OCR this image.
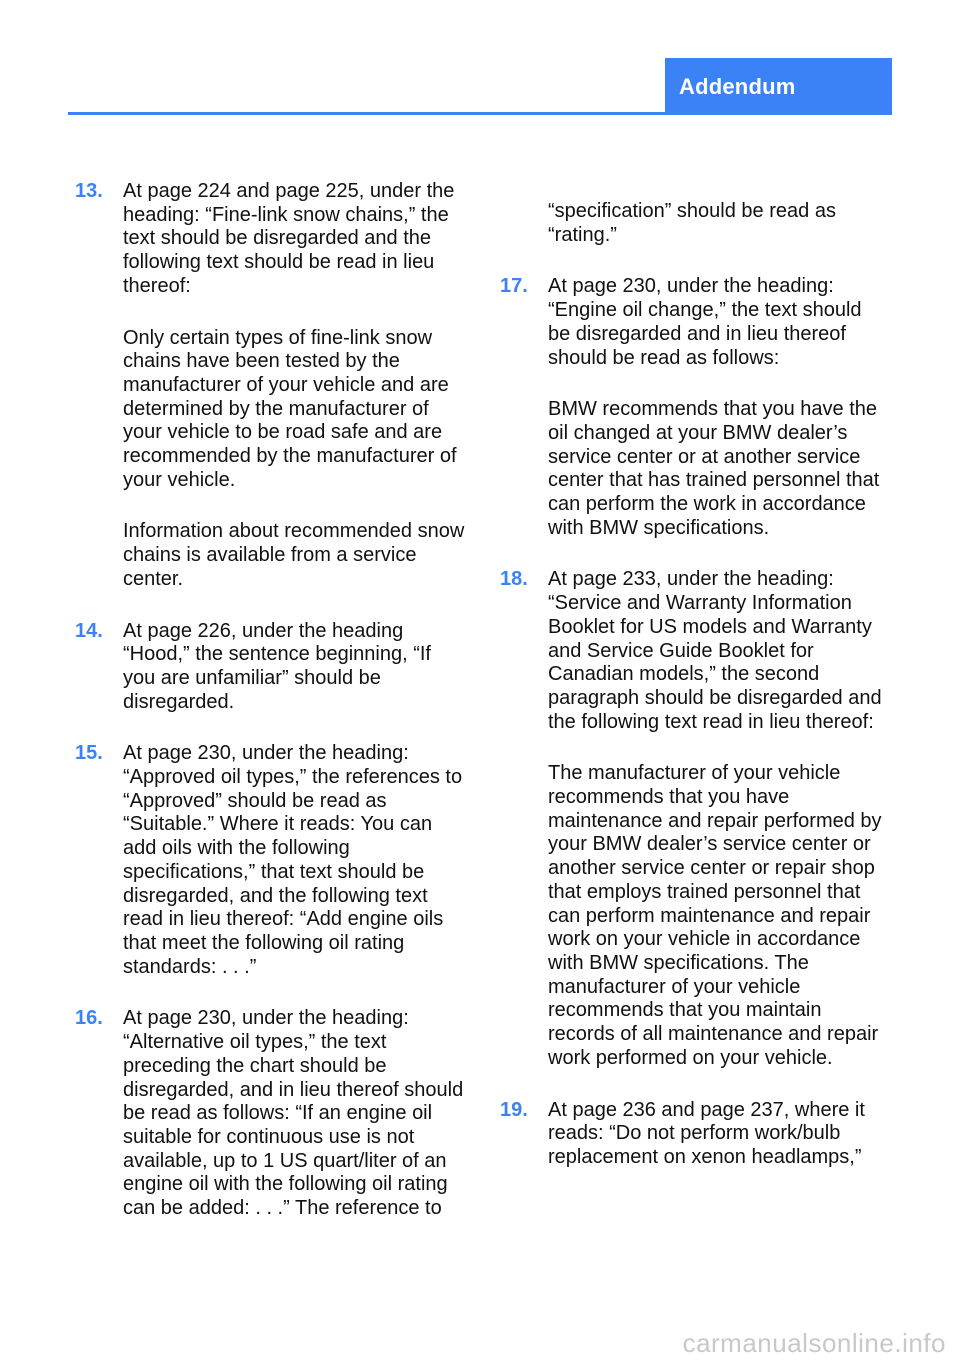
Addendum
13. At page 224 and page 225, under the heading: “Fine-link snow chains,” the text should be disregarded and the following text should be read in lieu thereof:

Only certain types of fine-link snow chains have been tested by the manufacturer of your vehicle and are determined by the manufacturer of your vehicle to be road safe and are recommended by the manufacturer of your vehicle.

Information about recommended snow chains is available from a service center.

14. At page 226, under the heading “Hood,” the sentence beginning, “If you are unfamiliar” should be disregarded.

15. At page 230, under the heading: “Approved oil types,” the references to “Approved” should be read as “Suitable.” Where it reads: You can add oils with the following specifications,” that text should be disregarded, and the following text read in lieu thereof: “Add engine oils that meet the following oil rating standards: . . .”

16. At page 230, under the heading: “Alternative oil types,” the text preceding the chart should be disregarded, and in lieu thereof should be read as follows: “If an engine oil suitable for continuous use is not available, up to 1 US quart/liter of an engine oil with the following oil rating can be added: . . .” The reference to

“specification” should be read as “rating.”

17. At page 230, under the heading: “Engine oil change,” the text should be disregarded and in lieu thereof should be read as follows:

BMW recommends that you have the oil changed at your BMW dealer’s service center or at another service center that has trained personnel that can perform the work in accordance with BMW specifications.

18. At page 233, under the heading: “Service and Warranty Information Booklet for US models and Warranty and Service Guide Booklet for Canadian models,” the second paragraph should be disregarded and the following text read in lieu thereof:

The manufacturer of your vehicle recommends that you have maintenance and repair performed by your BMW dealer’s service center or another service center or repair shop that employs trained personnel that can perform maintenance and repair work on your vehicle in accordance with BMW specifications. The manufacturer of your vehicle recommends that you maintain records of all maintenance and repair work performed on your vehicle.

19. At page 236 and page 237, where it reads: “Do not perform work/bulb replacement on xenon headlamps,”

carmanualsonline.info
